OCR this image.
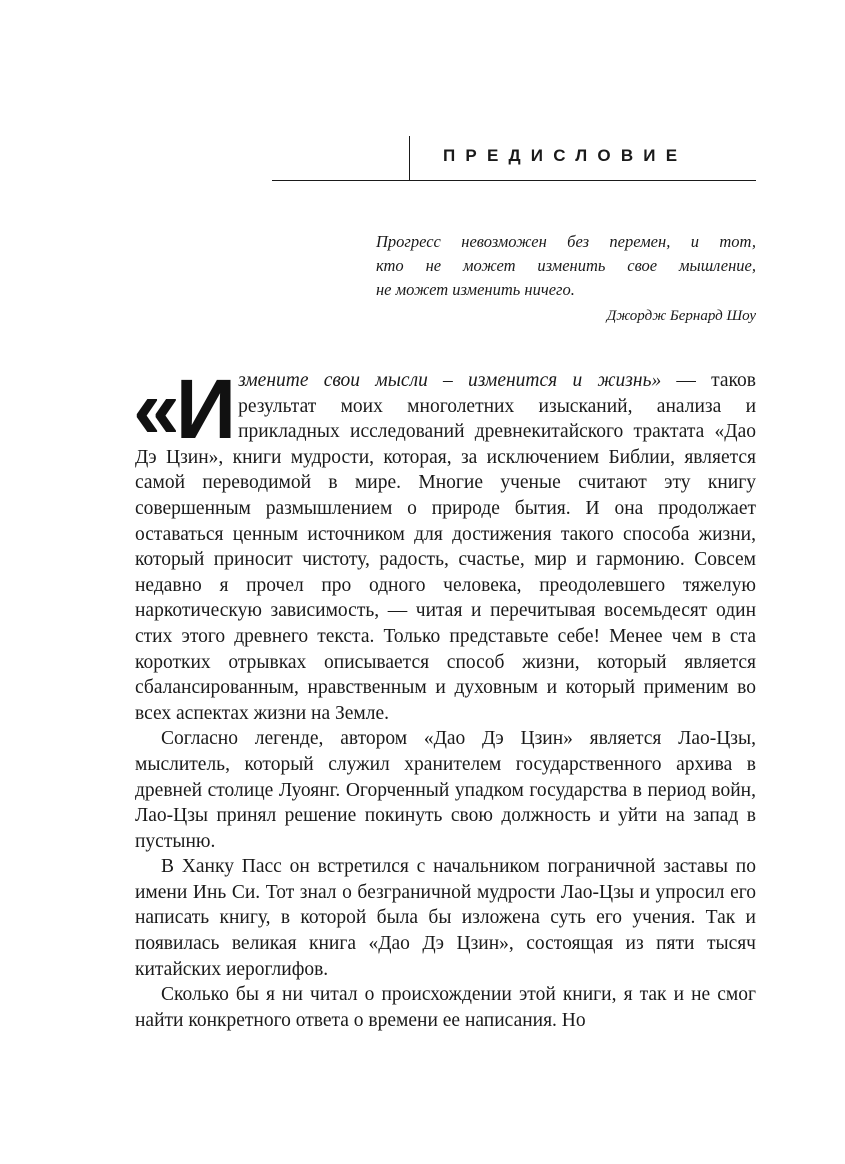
ПРЕДИСЛОВИЕ
Прогресс невозможен без перемен, и тот,
кто не может изменить свое мышление,
не может изменить ничего.
Джордж Бернард Шоу

«Измените свои мысли – изменится и жизнь» — таков результат моих многолетних изысканий, анализа и прикладных исследований древнекитайского трактата «Дао Дэ Цзин», книги мудрости, которая, за исключением Библии, является самой переводимой в мире. Многие ученые считают эту книгу совершенным размышлением о природе бытия. И она продолжает оставаться ценным источником для достижения такого способа жизни, который приносит чистоту, радость, счастье, мир и гармонию. Совсем недавно я прочел про одного человека, преодолевшего тяжелую наркотическую зависимость, — читая и перечитывая восемьдесят один стих этого древнего текста. Только представьте себе! Менее чем в ста коротких отрывках описывается способ жизни, который является сбалансированным, нравственным и духовным и который применим во всех аспектах жизни на Земле.

Согласно легенде, автором «Дао Дэ Цзин» является Лао-Цзы, мыслитель, который служил хранителем государственного архива в древней столице Луоянг. Огорченный упадком государства в период войн, Лао-Цзы принял решение покинуть свою должность и уйти на запад в пустыню.

В Ханку Пасс он встретился с начальником пограничной заставы по имени Инь Си. Тот знал о безграничной мудрости Лао-Цзы и упросил его написать книгу, в которой была бы изложена суть его учения. Так и появилась великая книга «Дао Дэ Цзин», состоящая из пяти тысяч китайских иероглифов.

Сколько бы я ни читал о происхождении этой книги, я так и не смог найти конкретного ответа о времени ее написания. Но
